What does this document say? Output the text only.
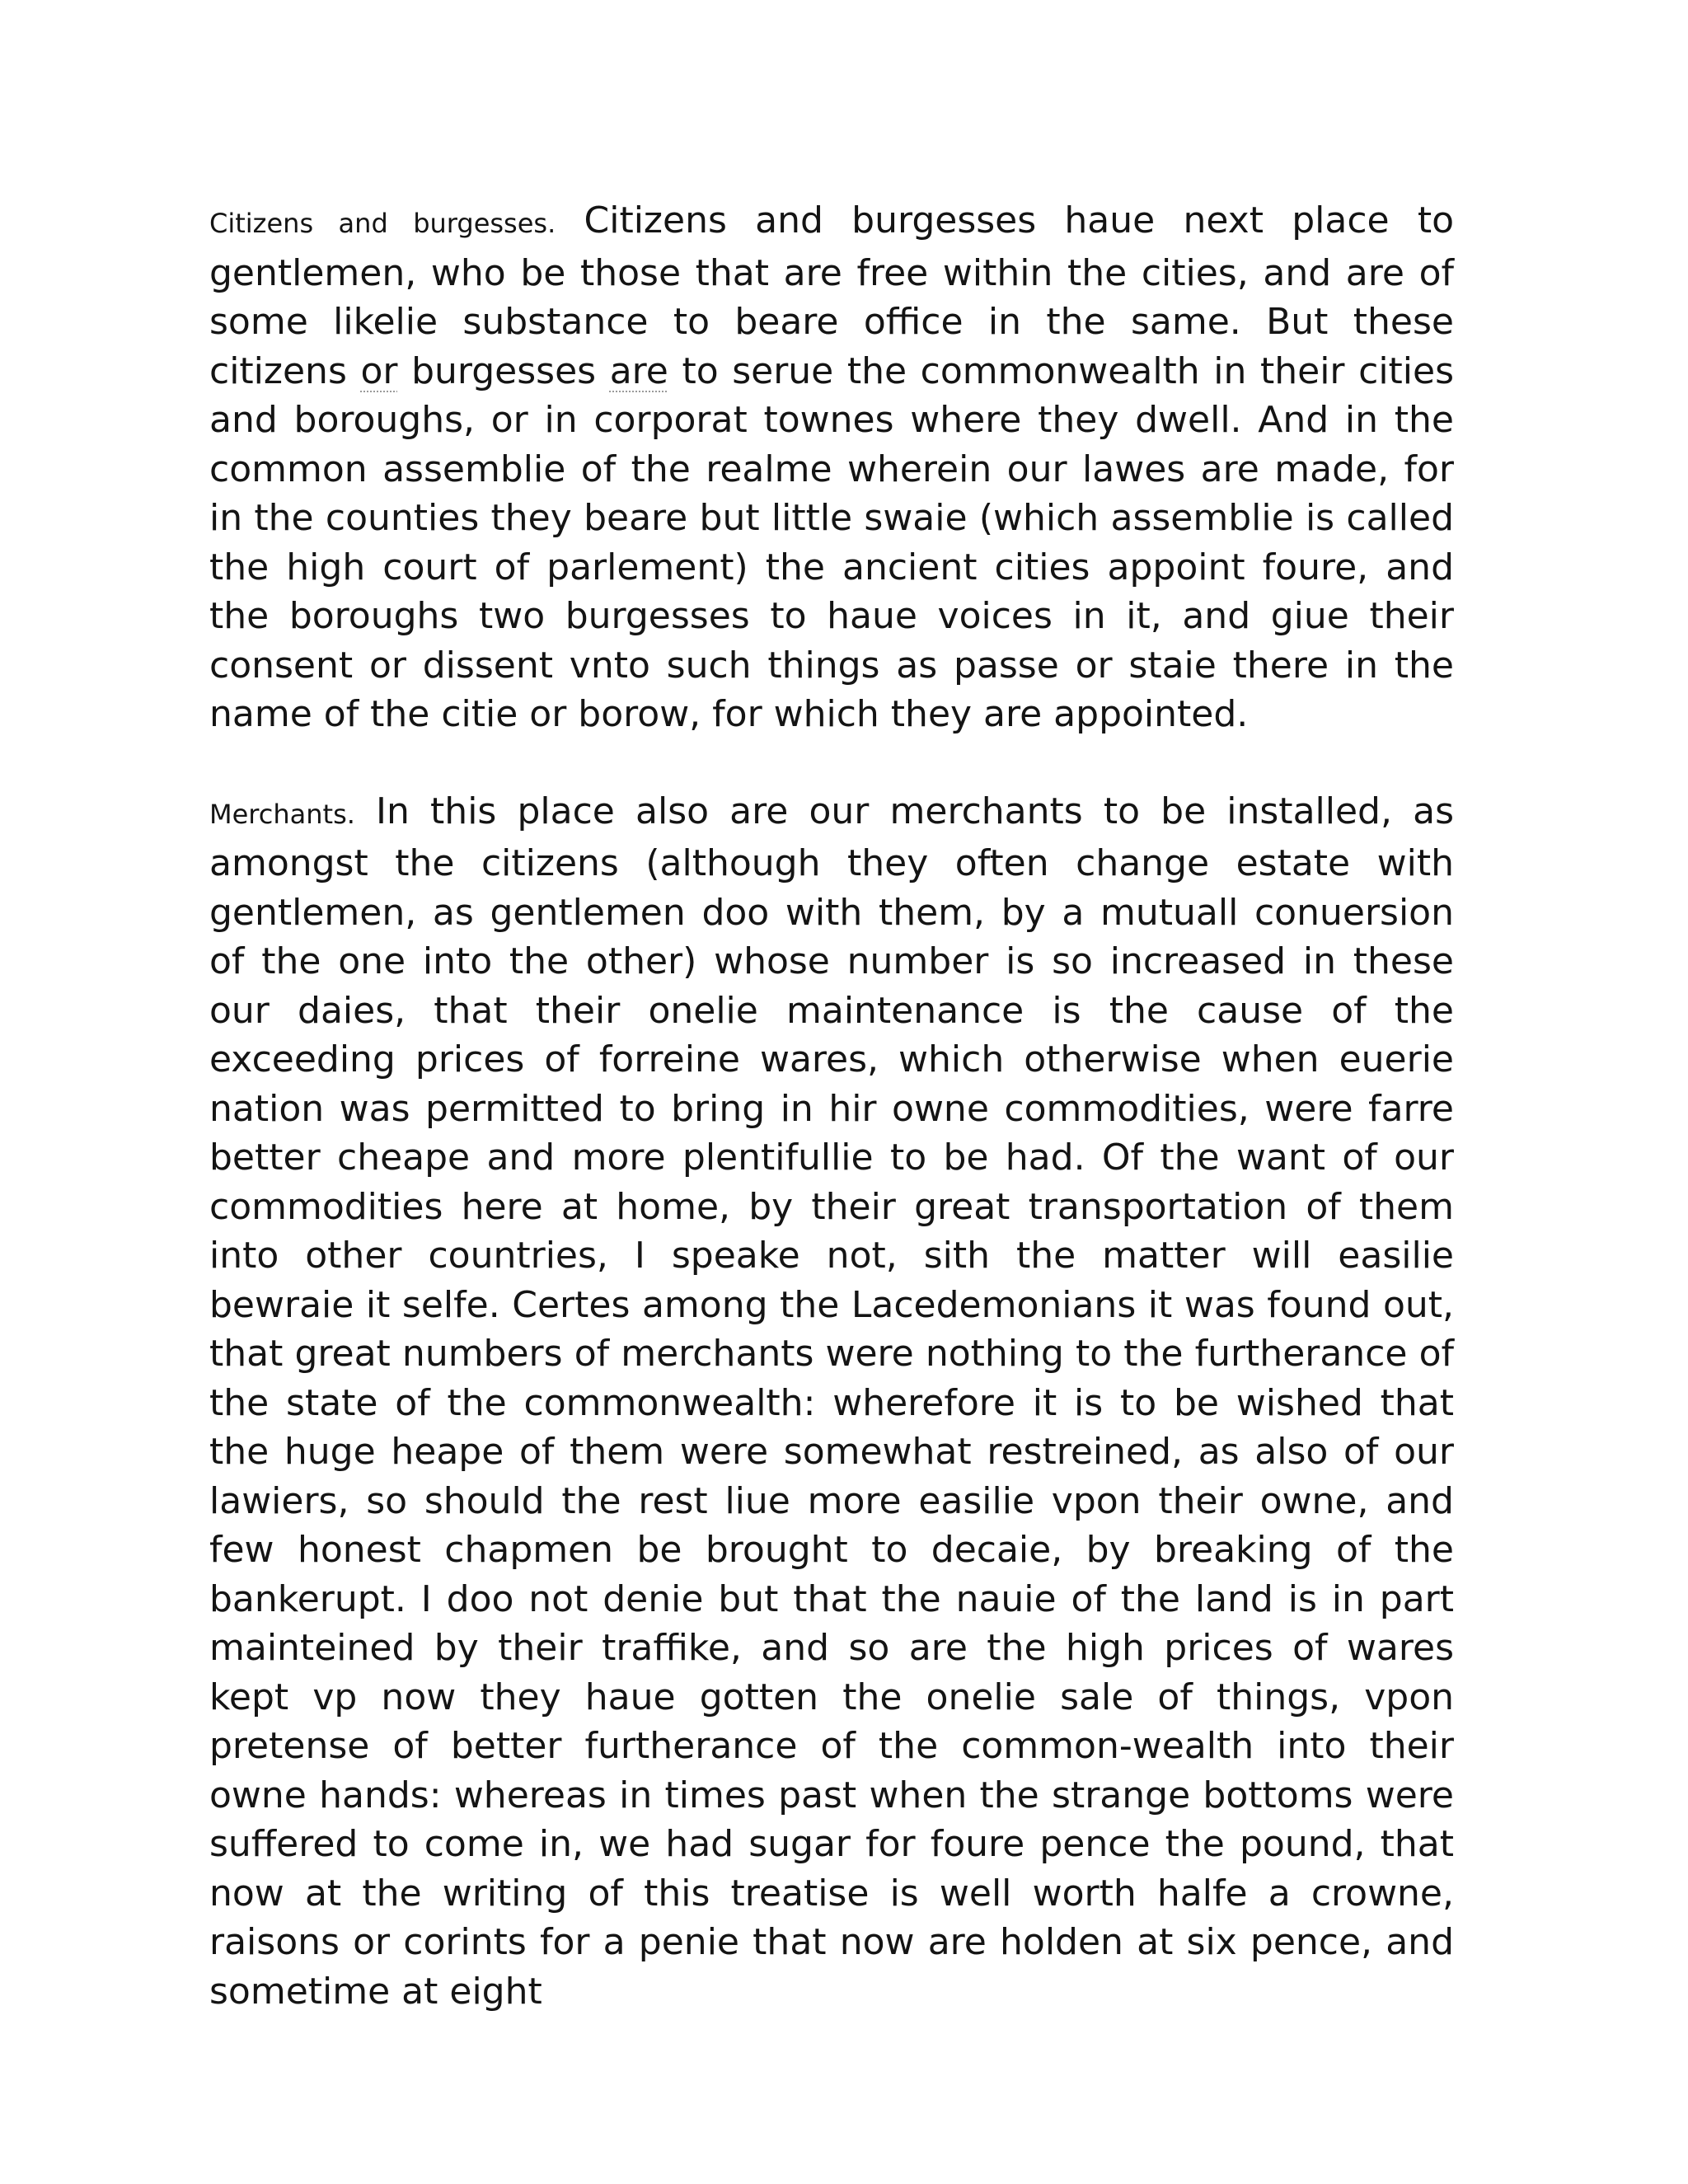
Citizens and burgesses. Citizens and burgesses haue next place to gentlemen, who be those that are free within the cities, and are of some likelie substance to beare office in the same. But these citizens or burgesses are to serue the commonwealth in their cities and boroughs, or in corporat townes where they dwell. And in the common assemblie of the realme wherein our lawes are made, for in the counties they beare but little swaie (which assemblie is called the high court of parlement) the ancient cities appoint foure, and the boroughs two burgesses to haue voices in it, and giue their consent or dissent vnto such things as passe or staie there in the name of the citie or borow, for which they are appointed.

Merchants. In this place also are our merchants to be installed, as amongst the citizens (although they often change estate with gentlemen, as gentlemen doo with them, by a mutuall conuersion of the one into the other) whose number is so increased in these our daies, that their onelie maintenance is the cause of the exceeding prices of forreine wares, which otherwise when euerie nation was permitted to bring in hir owne commodities, were farre better cheape and more plentifullie to be had. Of the want of our commodities here at home, by their great transportation of them into other countries, I speake not, sith the matter will easilie bewraie it selfe. Certes among the Lacedemonians it was found out, that great numbers of merchants were nothing to the furtherance of the state of the commonwealth: wherefore it is to be wished that the huge heape of them were somewhat restreined, as also of our lawiers, so should the rest liue more easilie vpon their owne, and few honest chapmen be brought to decaie, by breaking of the bankerupt. I doo not denie but that the nauie of the land is in part mainteined by their traffike, and so are the high prices of wares kept vp now they haue gotten the onelie sale of things, vpon pretense of better furtherance of the common-wealth into their owne hands: whereas in times past when the strange bottoms were suffered to come in, we had sugar for foure pence the pound, that now at the writing of this treatise is well worth halfe a crowne, raisons or corints for a penie that now are holden at six pence, and sometime at eight
